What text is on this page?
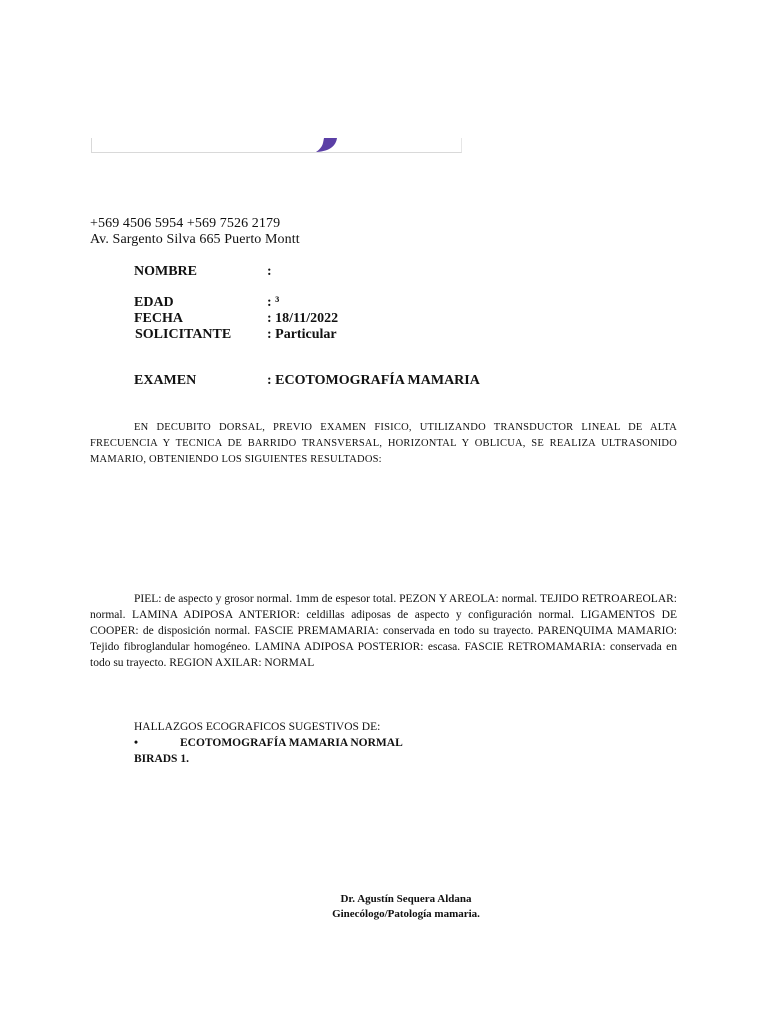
+569 4506 5954 +569 7526 2179
Av. Sargento Silva 665 Puerto Montt
NOMBRE	:
EDAD	: ³
FECHA	: 18/11/2022
SOLICITANTE	: Particular
EXAMEN	: ECOTOMOGRAFÍA MAMARIA
EN DECUBITO DORSAL, PREVIO EXAMEN FISICO, UTILIZANDO TRANSDUCTOR LINEAL DE ALTA FRECUENCIA Y TECNICA DE BARRIDO TRANSVERSAL, HORIZONTAL Y OBLICUA, SE REALIZA ULTRASONIDO MAMARIO, OBTENIENDO LOS SIGUIENTES RESULTADOS:
PIEL: de aspecto y grosor normal. 1mm de espesor total. PEZON Y AREOLA: normal. TEJIDO RETROAREOLAR: normal. LAMINA ADIPOSA ANTERIOR: celdillas adiposas de aspecto y configuración normal. LIGAMENTOS DE COOPER: de disposición normal. FASCIE PREMAMARIA: conservada en todo su trayecto. PARENQUIMA MAMARIO: Tejido fibroglandular homogéneo. LAMINA ADIPOSA POSTERIOR: escasa. FASCIE RETROMAMARIA: conservada en todo su trayecto. REGION AXILAR: NORMAL
HALLAZGOS ECOGRAFICOS SUGESTIVOS DE:
•	ECOTOMOGRAFÍA MAMARIA NORMAL
BIRADS 1.
Dr. Agustín Sequera Aldana
Ginecólogo/Patología mamaria.
